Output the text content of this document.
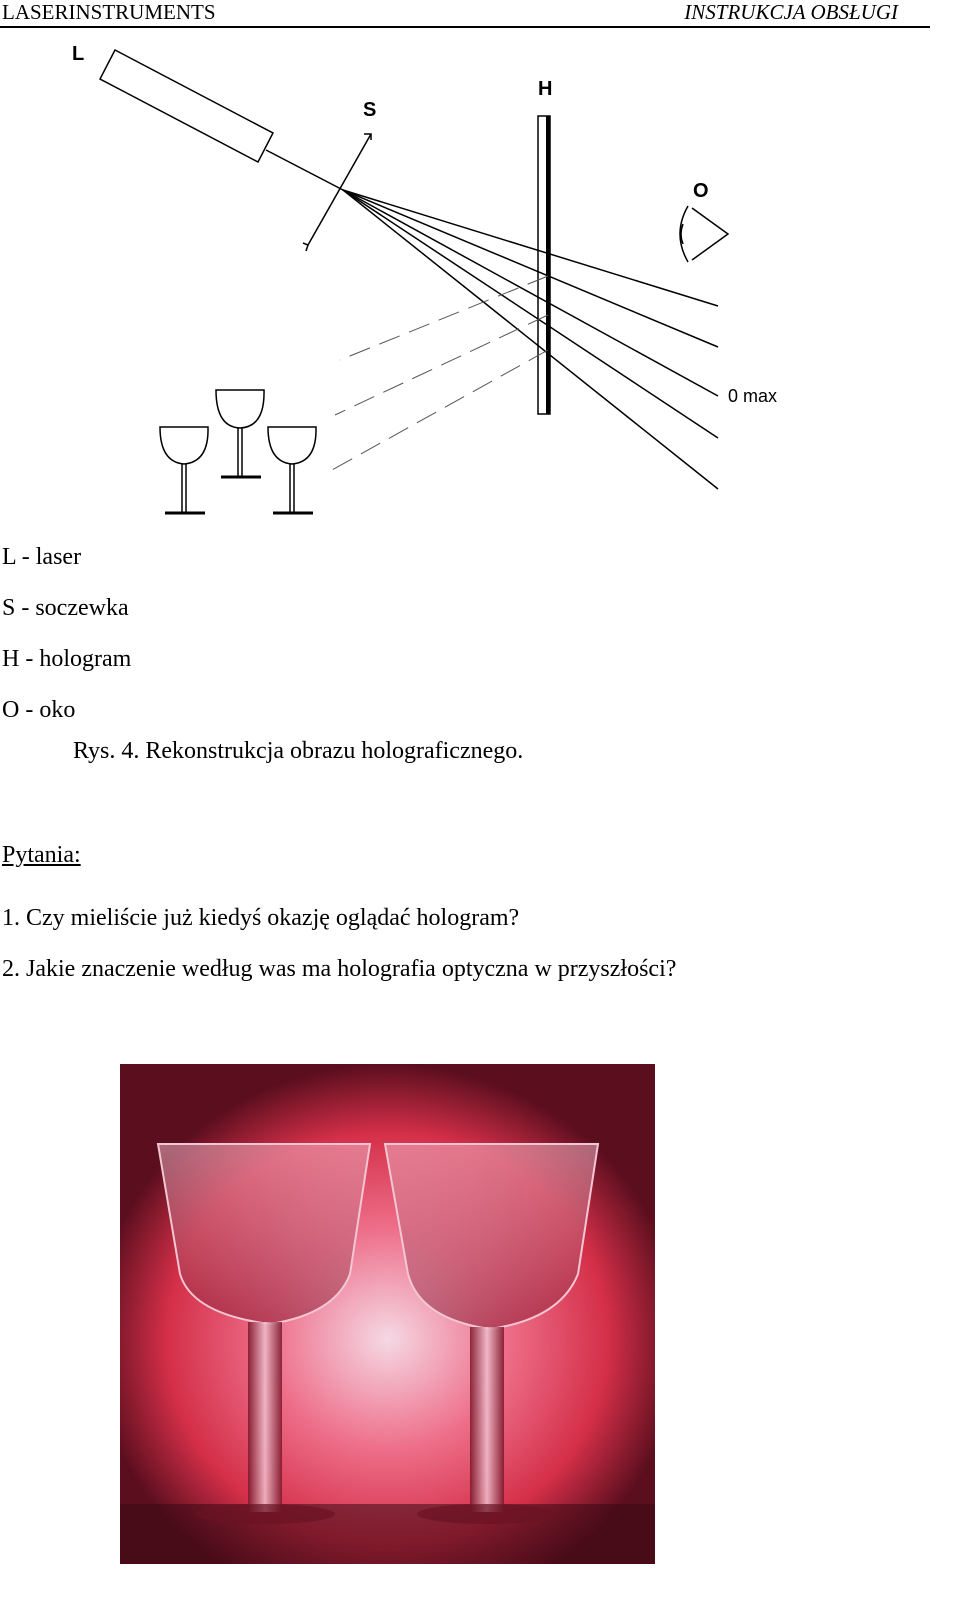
LASERINSTRUMENTS	INSTRUKCJA OBSŁUGI
L
S
H
O
0 max
L - laser
S - soczewka
H - hologram
O - oko
Rys. 4. Rekonstrukcja obrazu holograficznego.
Pytania:
1. Czy mieliście już kiedyś okazję oglądać hologram?
2. Jakie znaczenie według was ma holografia optyczna w przyszłości?
